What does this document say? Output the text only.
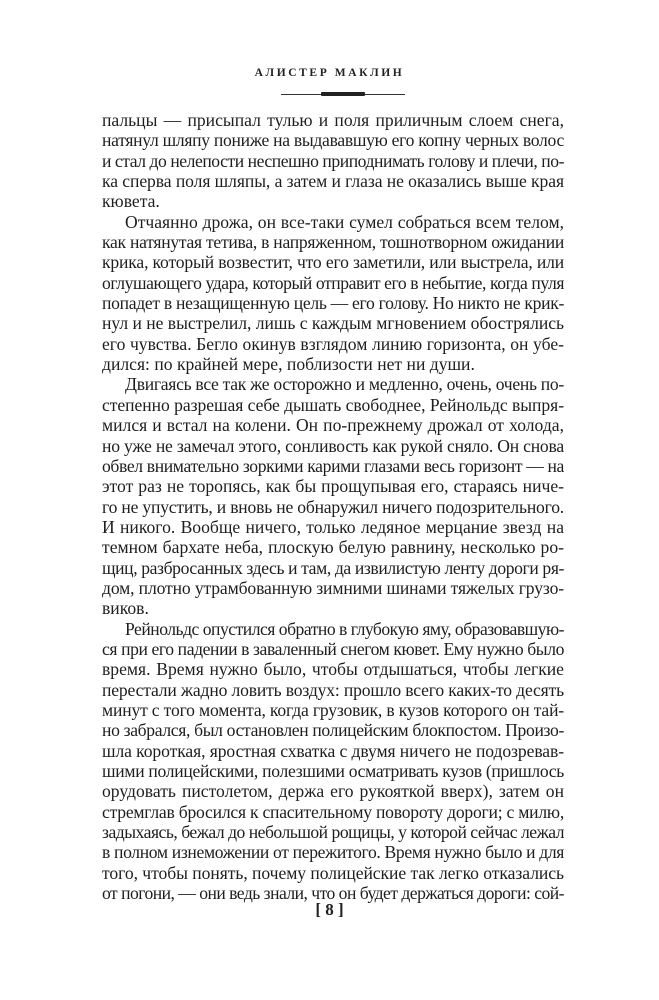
АЛИСТЕР МАКЛИН
пальцы — присыпал тулью и поля приличным слоем снега,
натянул шляпу пониже на выдававшую его копну черных волос
и стал до нелепости неспешно приподнимать голову и плечи, по-
ка сперва поля шляпы, а затем и глаза не оказались выше края
кювета.
Отчаянно дрожа, он все-таки сумел собраться всем телом,
как натянутая тетива, в напряженном, тошнотворном ожидании
крика, который возвестит, что его заметили, или выстрела, или
оглушающего удара, который отправит его в небытие, когда пуля
попадет в незащищенную цель — его голову. Но никто не крик-
нул и не выстрелил, лишь с каждым мгновением обострялись
его чувства. Бегло окинув взглядом линию горизонта, он убе-
дился: по крайней мере, поблизости нет ни души.
Двигаясь все так же осторожно и медленно, очень, очень по-
степенно разрешая себе дышать свободнее, Рейнольдс выпря-
мился и встал на колени. Он по-прежнему дрожал от холода,
но уже не замечал этого, сонливость как рукой сняло. Он снова
обвел внимательно зоркими карими глазами весь горизонт — на
этот раз не торопясь, как бы прощупывая его, стараясь ниче-
го не упустить, и вновь не обнаружил ничего подозрительного.
И никого. Вообще ничего, только ледяное мерцание звезд на
темном бархате неба, плоскую белую равнину, несколько ро-
щиц, разбросанных здесь и там, да извилистую ленту дороги ря-
дом, плотно утрамбованную зимними шинами тяжелых грузо-
виков.
Рейнольдс опустился обратно в глубокую яму, образовавшую-
ся при его падении в заваленный снегом кювет. Ему нужно было
время. Время нужно было, чтобы отдышаться, чтобы легкие
перестали жадно ловить воздух: прошло всего каких-то десять
минут с того момента, когда грузовик, в кузов которого он тай-
но забрался, был остановлен полицейским блокпостом. Произо-
шла короткая, яростная схватка с двумя ничего не подозревав-
шими полицейскими, полезшими осматривать кузов (пришлось
орудовать пистолетом, держа его рукояткой вверх), затем он
стремглав бросился к спасительному повороту дороги; с милю,
задыхаясь, бежал до небольшой рощицы, у которой сейчас лежал
в полном изнеможении от пережитого. Время нужно было и для
того, чтобы понять, почему полицейские так легко отказались
от погони, — они ведь знали, что он будет держаться дороги: сой-
[ 8 ]
